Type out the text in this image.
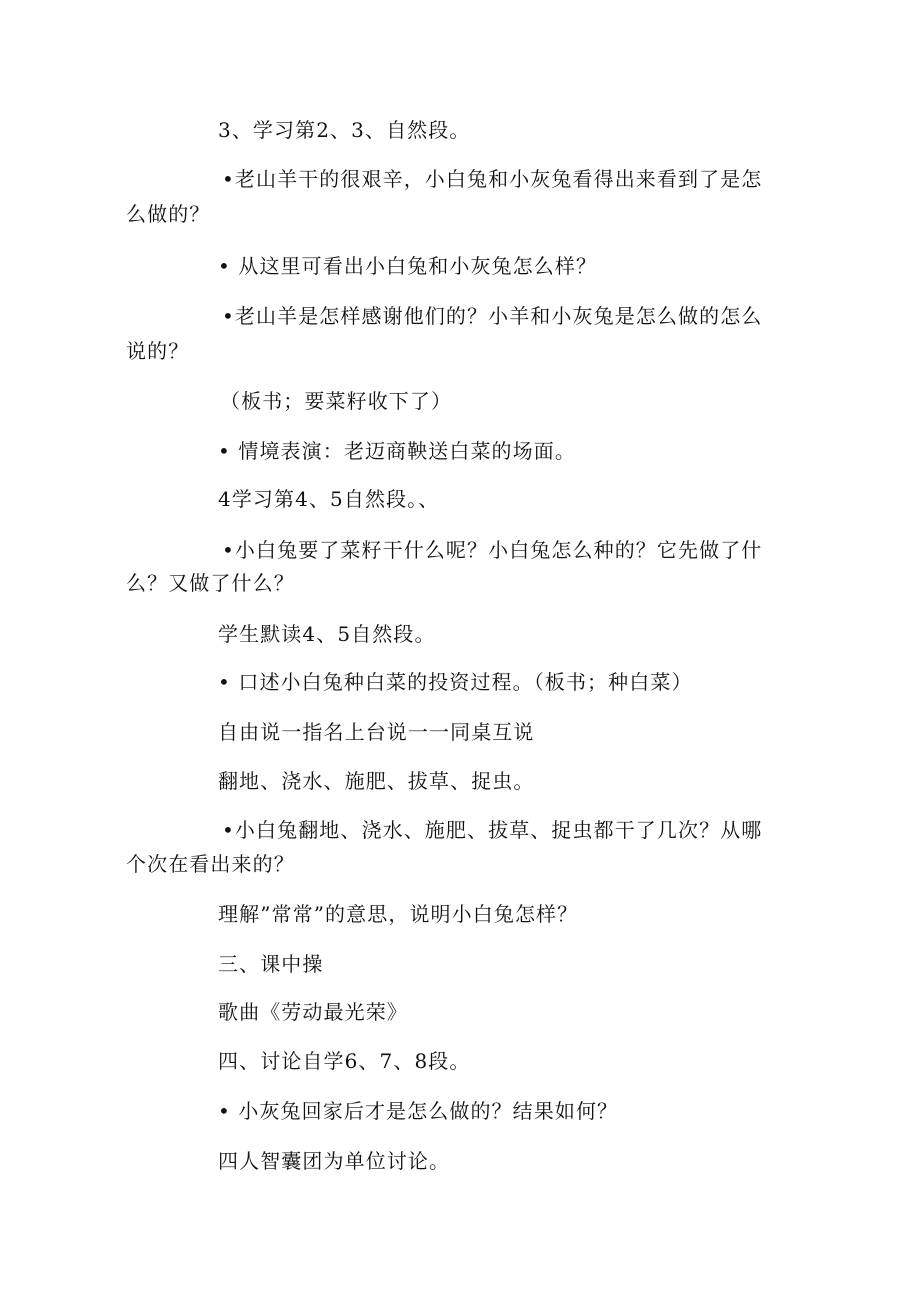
3、学习第2、3、自然段。

•老山羊干的很艰辛，小白兔和小灰兔看得出来看到了是怎

么做的？

• 从这里可看出小白兔和小灰兔怎么样？

•老山羊是怎样感谢他们的？小羊和小灰兔是怎么做的怎么

说的？

（板书；要菜籽收下了）

• 情境表演：老迈商鞅送白菜的场面。

4学习第4、5自然段。、

•小白兔要了菜籽干什么呢？小白兔怎么种的？它先做了什

么？又做了什么？

学生默读4、5自然段。

• 口述小白兔种白菜的投资过程。（板书；种白菜）

自由说一指名上台说一一同桌互说

翻地、浇水、施肥、拔草、捉虫。

•小白兔翻地、浇水、施肥、拔草、捉虫都干了几次？从哪

个次在看出来的？

理解”常常”的意思，说明小白兔怎样？

三、课中操

歌曲《劳动最光荣》

四、讨论自学6、7、8段。

• 小灰兔回家后才是怎么做的？结果如何？

四人智囊团为单位讨论。
